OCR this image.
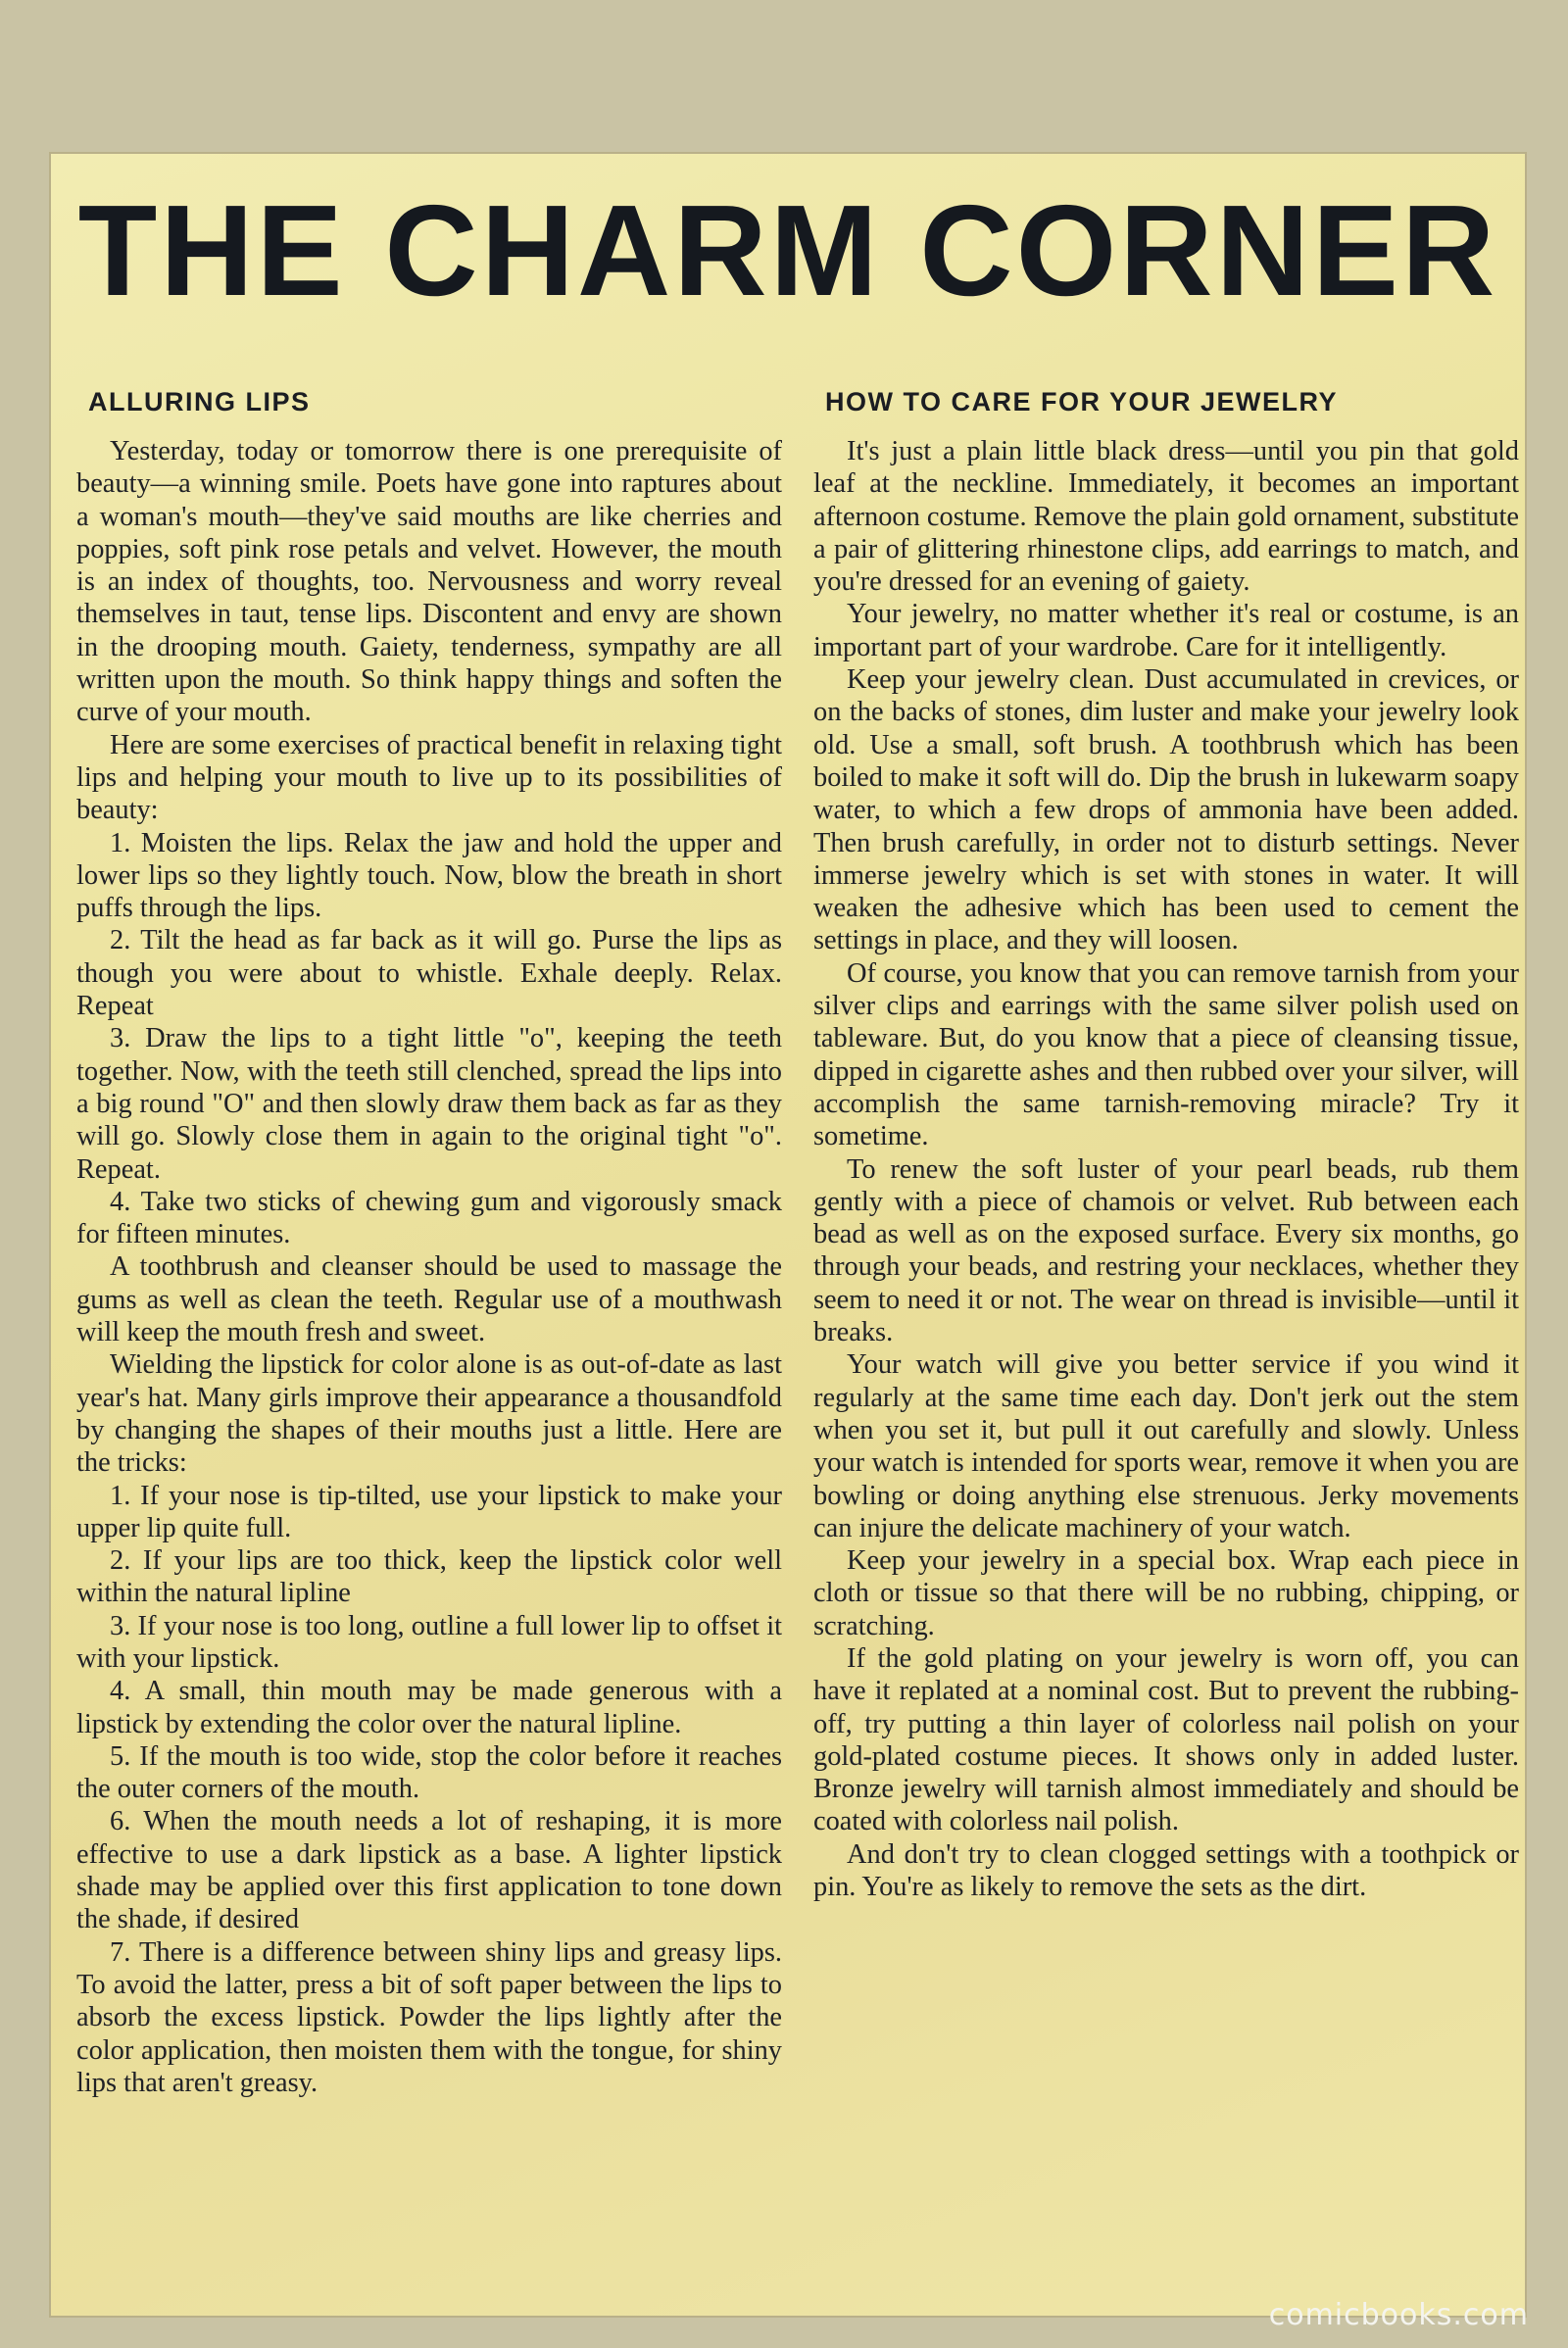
THE CHARM CORNER
ALLURING LIPS

Yesterday, today or tomorrow there is one prerequisite of beauty—a winning smile. Poets have gone into raptures about a woman's mouth—they've said mouths are like cherries and poppies, soft pink rose petals and velvet. However, the mouth is an index of thoughts, too. Nervousness and worry reveal themselves in taut, tense lips. Discontent and envy are shown in the drooping mouth. Gaiety, tenderness, sympathy are all written upon the mouth. So think happy things and soften the curve of your mouth.

Here are some exercises of practical benefit in relaxing tight lips and helping your mouth to live up to its possibilities of beauty:

1. Moisten the lips. Relax the jaw and hold the upper and lower lips so they lightly touch. Now, blow the breath in short puffs through the lips.

2. Tilt the head as far back as it will go. Purse the lips as though you were about to whistle. Exhale deeply. Relax. Repeat

3. Draw the lips to a tight little "o", keeping the teeth together. Now, with the teeth still clenched, spread the lips into a big round "O" and then slowly draw them back as far as they will go. Slowly close them in again to the original tight "o". Repeat.

4. Take two sticks of chewing gum and vigorously smack for fifteen minutes.

A toothbrush and cleanser should be used to massage the gums as well as clean the teeth. Regular use of a mouthwash will keep the mouth fresh and sweet.

Wielding the lipstick for color alone is as out-of-date as last year's hat. Many girls improve their appearance a thousandfold by changing the shapes of their mouths just a little. Here are the tricks:

1. If your nose is tip-tilted, use your lipstick to make your upper lip quite full.

2. If your lips are too thick, keep the lipstick color well within the natural lipline

3. If your nose is too long, outline a full lower lip to offset it with your lipstick.

4. A small, thin mouth may be made generous with a lipstick by extending the color over the natural lipline.

5. If the mouth is too wide, stop the color before it reaches the outer corners of the mouth.

6. When the mouth needs a lot of reshaping, it is more effective to use a dark lipstick as a base. A lighter lipstick shade may be applied over this first application to tone down the shade, if desired

7. There is a difference between shiny lips and greasy lips. To avoid the latter, press a bit of soft paper between the lips to absorb the excess lipstick. Powder the lips lightly after the color application, then moisten them with the tongue, for shiny lips that aren't greasy.

HOW TO CARE FOR YOUR JEWELRY

It's just a plain little black dress—until you pin that gold leaf at the neckline. Immediately, it becomes an important afternoon costume. Remove the plain gold ornament, substitute a pair of glittering rhinestone clips, add earrings to match, and you're dressed for an evening of gaiety.

Your jewelry, no matter whether it's real or costume, is an important part of your wardrobe. Care for it intelligently.

Keep your jewelry clean. Dust accumulated in crevices, or on the backs of stones, dim luster and make your jewelry look old. Use a small, soft brush. A toothbrush which has been boiled to make it soft will do. Dip the brush in lukewarm soapy water, to which a few drops of ammonia have been added. Then brush carefully, in order not to disturb settings. Never immerse jewelry which is set with stones in water. It will weaken the adhesive which has been used to cement the settings in place, and they will loosen.

Of course, you know that you can remove tarnish from your silver clips and earrings with the same silver polish used on tableware. But, do you know that a piece of cleansing tissue, dipped in cigarette ashes and then rubbed over your silver, will accomplish the same tarnish-removing miracle? Try it sometime.

To renew the soft luster of your pearl beads, rub them gently with a piece of chamois or velvet. Rub between each bead as well as on the exposed surface. Every six months, go through your beads, and restring your necklaces, whether they seem to need it or not. The wear on thread is invisible—until it breaks.

Your watch will give you better service if you wind it regularly at the same time each day. Don't jerk out the stem when you set it, but pull it out carefully and slowly. Unless your watch is intended for sports wear, remove it when you are bowling or doing anything else strenuous. Jerky movements can injure the delicate machinery of your watch.

Keep your jewelry in a special box. Wrap each piece in cloth or tissue so that there will be no rubbing, chipping, or scratching.

If the gold plating on your jewelry is worn off, you can have it replated at a nominal cost. But to prevent the rubbing-off, try putting a thin layer of colorless nail polish on your gold-plated costume pieces. It shows only in added luster. Bronze jewelry will tarnish almost immediately and should be coated with colorless nail polish.

And don't try to clean clogged settings with a toothpick or pin. You're as likely to remove the sets as the dirt.

comicbooks.com
